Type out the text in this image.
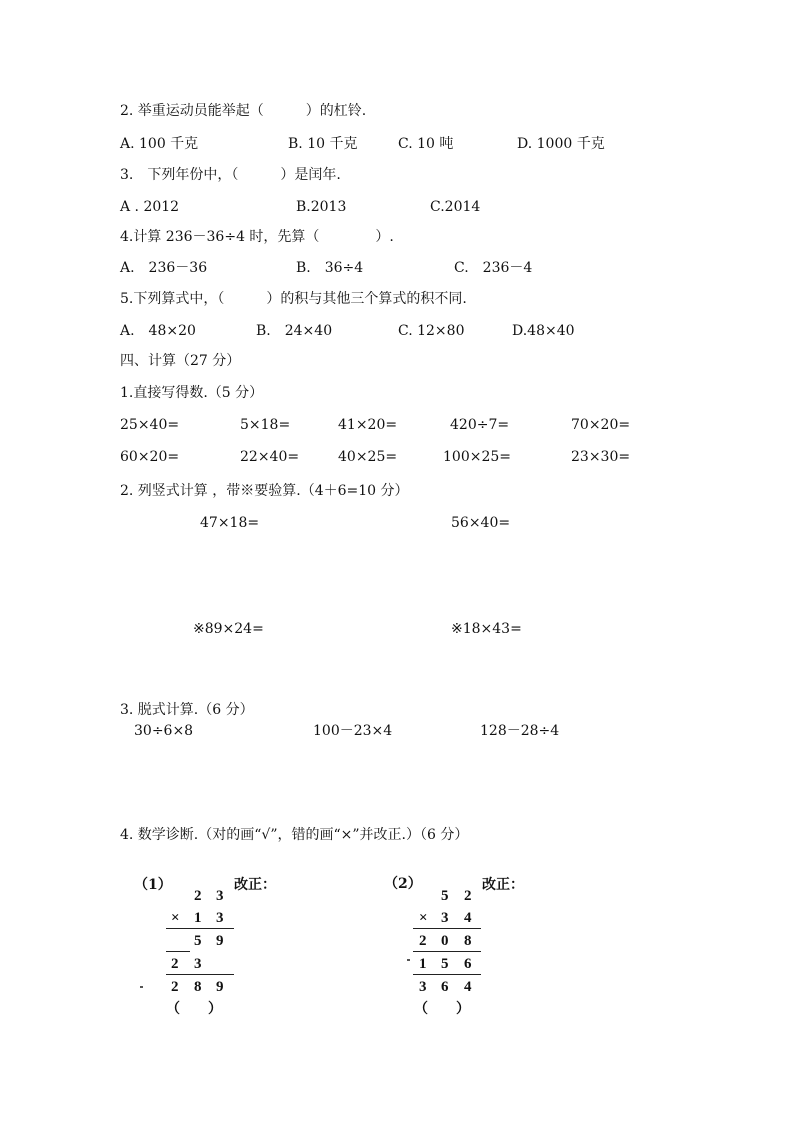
2. 举重运动员能举起（　　　）的杠铃.
A. 100 千克	B. 10 千克	C. 10 吨	D. 1000 千克
3.　下列年份中，（　　　）是闰年.
A . 2012	B.2013	C.2014
4.计算 236－36÷4 时，先算（　　　　）.
A.　236－36	B.　36÷4	C.　236－4
5.下列算式中，（　　　）的积与其他三个算式的积不同.
A.　48×20	B.　24×40	C. 12×80	D.48×40
四、计算（27 分）
1.直接写得数.（5 分）
25×40=	5×18=	41×20=	420÷7=	70×20=
60×20=	22×40=	40×25=	100×25=	23×30=
2. 列竖式计算 ，带※要验算.（4＋6=10 分）
47×18=	56×40=
※89×24=	※18×43=
3. 脱式计算.（6 分）
30÷6×8	100－23×4	128－28÷4
4. 数学诊断.（对的画“√”，错的画“×”并改正.）（6 分）
（1）	改正：
2 3
× 1 3
5 9
2 3
2 8 9
（　　）
（2）	改正：
5 2
× 3 4
2 0 8
1 5 6
3 6 4
（　　）
